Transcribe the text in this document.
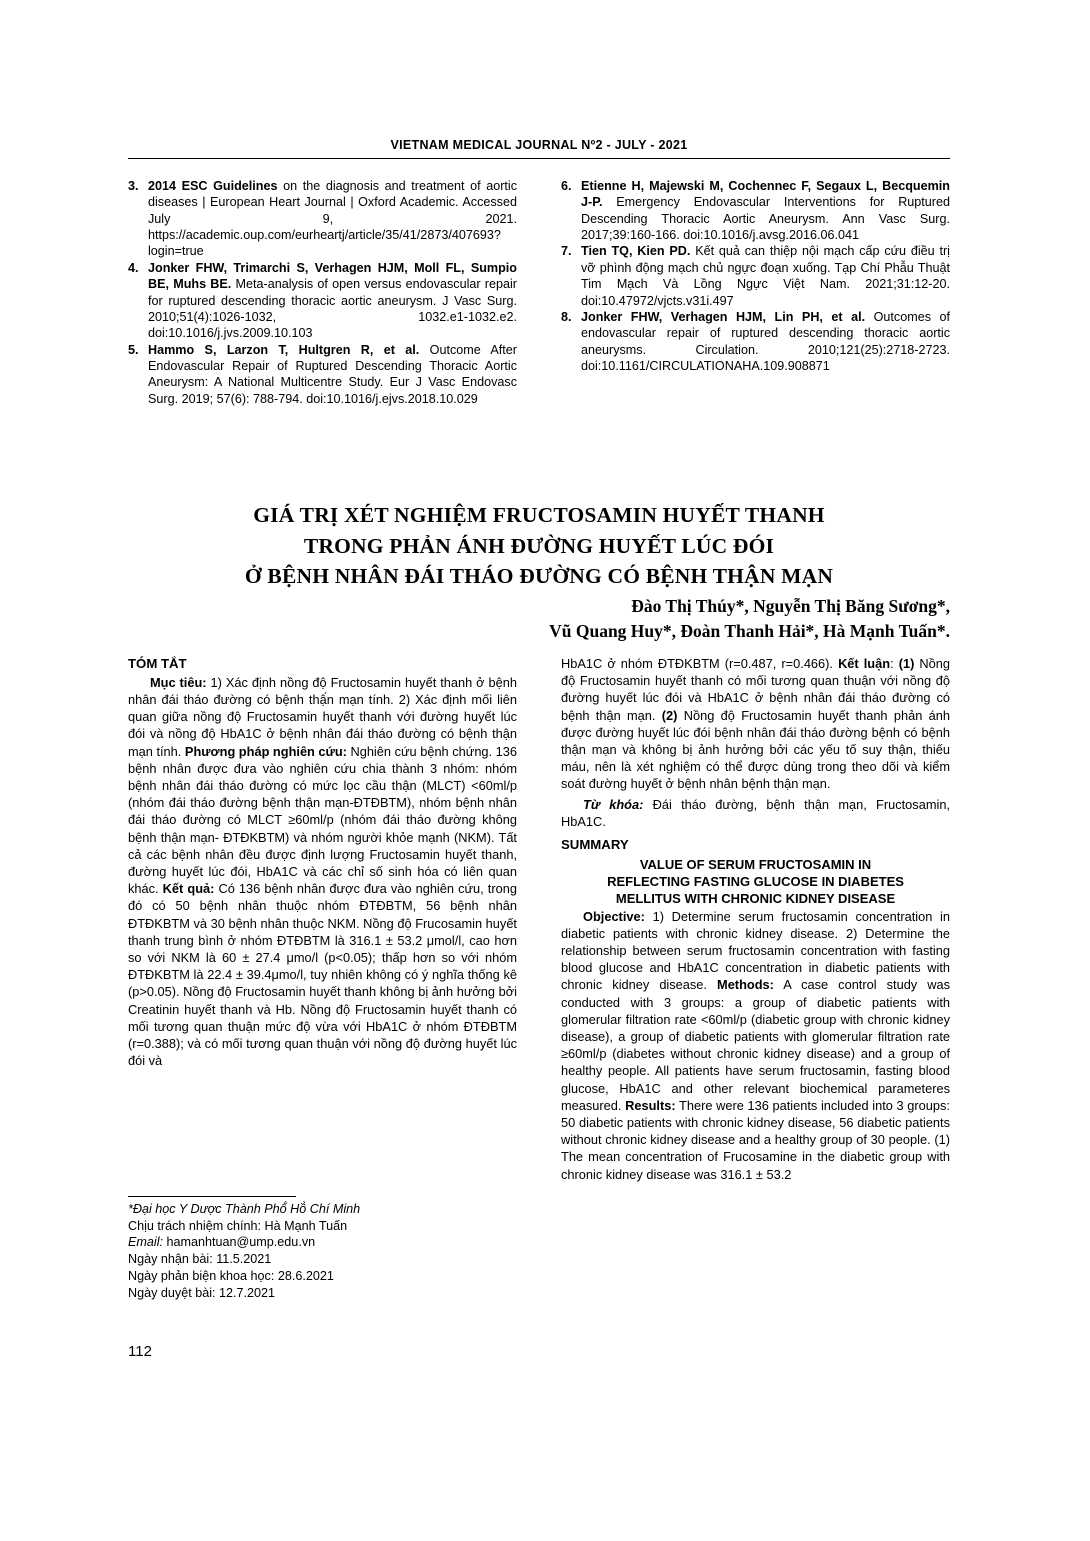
VIETNAM MEDICAL JOURNAL Nº2 - JULY - 2021
3. 2014 ESC Guidelines on the diagnosis and treatment of aortic diseases | European Heart Journal | Oxford Academic. Accessed July 9, 2021. https://academic.oup.com/eurheartj/article/35/41/2873/407693?login=true
4. Jonker FHW, Trimarchi S, Verhagen HJM, Moll FL, Sumpio BE, Muhs BE. Meta-analysis of open versus endovascular repair for ruptured descending thoracic aortic aneurysm. J Vasc Surg. 2010;51(4):1026-1032, 1032.e1-1032.e2. doi:10.1016/j.jvs.2009.10.103
5. Hammo S, Larzon T, Hultgren R, et al. Outcome After Endovascular Repair of Ruptured Descending Thoracic Aortic Aneurysm: A National Multicentre Study. Eur J Vasc Endovasc Surg. 2019; 57(6): 788-794. doi:10.1016/j.ejvs.2018.10.029
6. Etienne H, Majewski M, Cochennec F, Segaux L, Becquemin J-P. Emergency Endovascular Interventions for Ruptured Descending Thoracic Aortic Aneurysm. Ann Vasc Surg. 2017;39:160-166. doi:10.1016/j.avsg.2016.06.041
7. Tien TQ, Kien PD. Kết quả can thiệp nội mạch cấp cứu điều trị vỡ phình động mạch chủ ngực đoạn xuống. Tạp Chí Phẫu Thuật Tim Mạch Và Lồng Ngực Việt Nam. 2021;31:12-20. doi:10.47972/vjcts.v31i.497
8. Jonker FHW, Verhagen HJM, Lin PH, et al. Outcomes of endovascular repair of ruptured descending thoracic aortic aneurysms. Circulation. 2010;121(25):2718-2723. doi:10.1161/CIRCULATIONAHA.109.908871
GIÁ TRỊ XÉT NGHIỆM FRUCTOSAMIN HUYẾT THANH
TRONG PHẢN ÁNH ĐƯỜNG HUYẾT LÚC ĐÓI
Ở BỆNH NHÂN ĐÁI THÁO ĐƯỜNG CÓ BỆNH THẬN MẠN
Đào Thị Thúy*, Nguyễn Thị Băng Sương*,
Vũ Quang Huy*, Đoàn Thanh Hải*, Hà Mạnh Tuấn*.
TÓM TẮT

Mục tiêu: 1) Xác định nồng độ Fructosamin huyết thanh ở bệnh nhân đái tháo đường có bệnh thậ́n mạn tính. 2) Xác định mối liên quan giữa nồng độ Fructosamin huyết thanh với đường huyết lúc đói và nồng độ HbA1C ở bệnh nhân đái tháo đường có bệnh thận mạn tính. Phương pháp nghiên cứu: Nghiên cứu bệnh chứng. 136 bệnh nhân được đưa vào nghiên cứu chia thành 3 nhóm: nhóm bệnh nhân đái tháo đường có mức lọc cầu thận (MLCT) <60ml/p (nhóm đái tháo đường bệnh thận mạn-ĐTĐBTM), nhóm bệnh nhân đái tháo đường có MLCT ≥60ml/p (nhóm đái tháo đường không bệnh thận mạn- ĐTĐKBTM) và nhóm người khỏe mạnh (NKM). Tất cả các bệnh nhân đều được định lượng Fructosamin huyết thanh, đường huyết lúc đói, HbA1C và các chỉ số sinh hóa có liên quan khác. Kết quả: Có 136 bệnh nhân được đưa vào nghiên cứu, trong đó có 50 bệnh nhân thuộc nhóm ĐTĐBTM, 56 bệnh nhân ĐTĐKBTM và 30 bệnh nhân thuộc NKM. Nồng độ Frucosamin huyết thanh trung bình ở nhóm ĐTĐBTM là 316.1 ± 53.2 μmol/l, cao hơn so với NKM là 60 ± 27.4 μmo/l (p<0.05); thấp hơn so với nhóm ĐTĐKBTM là 22.4 ± 39.4μmo/l, tuy nhiên không có ý nghĩa thống kê (p>0.05). Nồng độ Fructosamin huyết thanh không bị ảnh hưởng bởi Creatinin huyết thanh và Hb. Nồng độ Fructosamin huyết thanh có mối tương quan thuận mức độ vừa với HbA1C ở nhóm ĐTĐBTM (r=0.388); và có mối tương quan thuận với nồng độ đường huyết lúc đói và

HbA1C ở nhóm ĐTĐKBTM (r=0.487, r=0.466). Kết luận: (1) Nồng độ Fructosamin huyết thanh có mối tương quan thuận với nồng độ đường huyết lúc đói và HbA1C ở bệnh nhân đái tháo đường có bệnh thận mạn. (2) Nồng độ Fructosamin huyết thanh phản ánh được đường huyết lúc đói bệnh nhân đái tháo đường bệnh có bệnh thận mạn và không bị ảnh hưởng bởi các yếu tố suy thận, thiếu máu, nên là xét nghiệm có thể được dùng trong theo dõi và kiểm soát đường huyết ở bệnh nhân bệnh thận mạn.

Từ khóa: Đái tháo đường, bệnh thận mạn, Fructosamin, HbA1C.

SUMMARY
VALUE OF SERUM FRUCTOSAMIN IN
REFLECTING FASTING GLUCOSE IN DIABETES
MELLITUS WITH CHRONIC KIDNEY DISEASE

Objective: 1) Determine serum fructosamin concentration in diabetic patients with chronic kidney disease. 2) Determine the relationship between serum fructosamin concentration with fasting blood glucose and HbA1C concentration in diabetic patients with chronic kidney disease. Methods: A case control study was conducted with 3 groups: a group of diabetic patients with glomerular filtration rate <60ml/p (diabetic group with chronic kidney disease), a group of diabetic patients with glomerular filtration rate ≥60ml/p (diabetes without chronic kidney disease) and a group of healthy people. All patients have serum fructosamin, fasting blood glucose, HbA1C and other relevant biochemical parameteres measured. Results: There were 136 patients included into 3 groups: 50 diabetic patients with chronic kidney disease, 56 diabetic patients without chronic kidney disease and a healthy group of 30 people. (1) The mean concentration of Frucosamine in the diabetic group with chronic kidney disease was 316.1 ± 53.2

*Đại học Y Dược Thành Phố́ Hồ̀ Chí Minh
Chịu trách nhiệm chính: Hà Mạnh Tuấn
Email: hamanhtuan@ump.edu.vn
Ngày nhận bài: 11.5.2021
Ngày phản biện khoa học: 28.6.2021
Ngày duyệt bài: 12.7.2021
112
